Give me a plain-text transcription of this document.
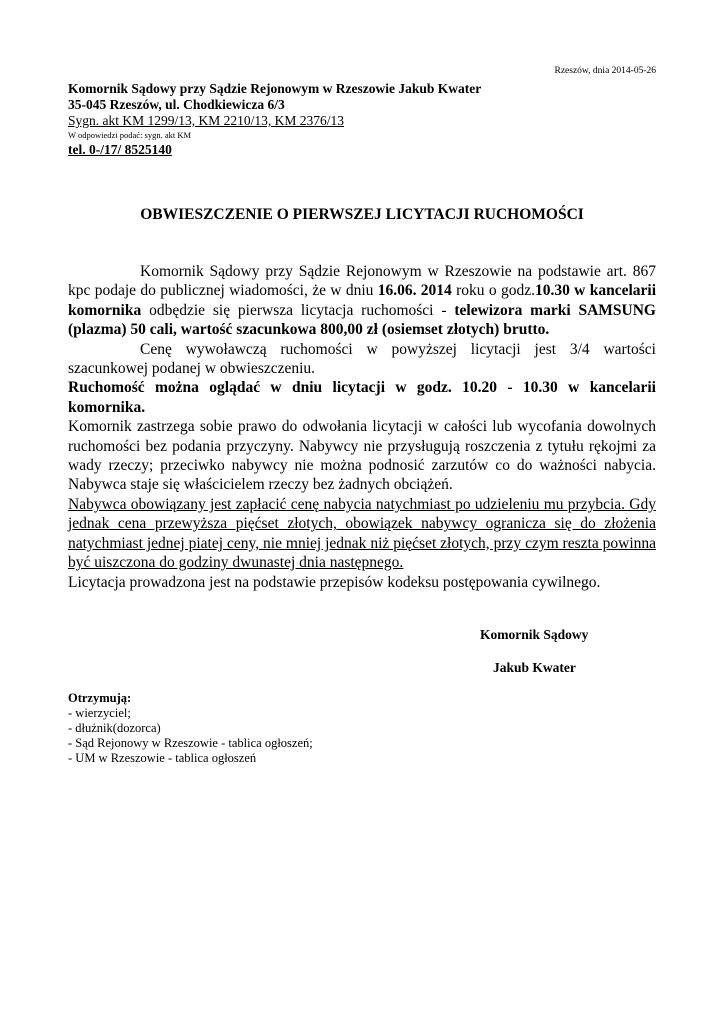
Rzeszów, dnia 2014-05-26
Komornik Sądowy przy Sądzie Rejonowym w Rzeszowie Jakub Kwater
35-045 Rzeszów, ul. Chodkiewicza 6/3
Sygn. akt KM 1299/13, KM 2210/13, KM 2376/13
W odpowiedzi podać: sygn. akt KM
tel. 0-/17/ 8525140
OBWIESZCZENIE O PIERWSZEJ LICYTACJI RUCHOMOŚCI

Komornik Sądowy przy Sądzie Rejonowym w Rzeszowie na podstawie art. 867 kpc podaje do publicznej wiadomości, że w dniu 16.06. 2014 roku o godz.10.30 w kancelarii komornika odbędzie się pierwsza licytacja ruchomości - telewizora marki SAMSUNG (plazma) 50 cali, wartość szacunkowa 800,00 zł (osiemset złotych) brutto.

Cenę wywoławczą ruchomości w powyższej licytacji jest 3/4 wartości szacunkowej podanej w obwieszczeniu.

Ruchomość można oglądać w dniu licytacji w godz. 10.20 - 10.30 w kancelarii komornika.

Komornik zastrzega sobie prawo do odwołania licytacji w całości lub wycofania dowolnych ruchomości bez podania przyczyny. Nabywcy nie przysługują roszczenia z tytułu rękojmi za wady rzeczy; przeciwko nabywcy nie można podnosić zarzutów co do ważności nabycia. Nabywca staje się właścicielem rzeczy bez żadnych obciążeń.

Nabywca obowiązany jest zapłacić cenę nabycia natychmiast po udzieleniu mu przybcia. Gdy jednak cena przewyższa pięćset złotych, obowiązek nabywcy ogranicza się do złożenia natychmiast jednej piatej ceny, nie mniej jednak niż pięćset złotych, przy czym reszta powinna być uiszczona do godziny dwunastej dnia następnego.

Licytacja prowadzona jest na podstawie przepisów kodeksu postępowania cywilnego.

Komornik Sądowy
Jakub Kwater
Otrzymują:
- wierzyciel;
- dłużnik(dozorca)
- Sąd Rejonowy w Rzeszowie - tablica ogłoszeń;
- UM w Rzeszowie - tablica ogłoszeń
